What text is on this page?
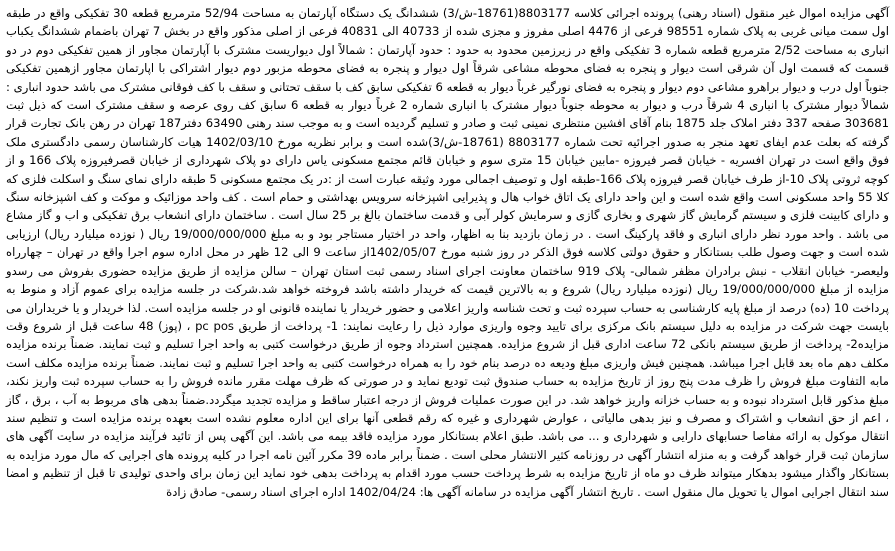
آگهی مزایده اموال غیر منقول (اسناد رهنی) پرونده اجرائی کلاسه 8803177(18761-ش/3) ششدانگ یک دستگاه آپارتمان به مساحت 52/94 مترمربع قطعه 30 تفکیکی واقع در طبقه اول سمت میانی غربی به پلاک شماره 98551 فرعی از 4476 اصلی مفروز و مجزی شده از 40733 الی 40831 فرعی از اصلی مذکور واقع در بخش 7 تهران باضمام ششدانگ یکباب انباری به مساحت 2/52 مترمربع قطعه شماره 3 تفکیکی واقع در زیرزمین محدود به حدود : حدود آپارتمان : شمالاً اول دیواریست مشترک با آپارتمان مجاور از همین تفکیکی دوم در دو قسمت که قسمت اول آن شرقی است دیوار و پنجره به فضای محوطه مشاعی شرقاً اول دیوار و پنجره به فضای محوطه مزبور دوم دیوار اشتراکی با اپارتمان مجاور ازهمین تفکیکی جنوباً اول درب و دیوار براهرو مشاعی دوم دیوار و پنجره به فضای نورگیر غرباً دیوار به قطعه 6 تفکیکی سابق کف با سقف تحتانی و سقف با کف فوقانی مشترک می باشد حدود انباری : شمالاً دیوار مشترک با انباری 4 شرقاً درب و دیوار به محوطه جنوباً دیوار مشترک با انباری شماره 2 غرباً دیوار به قطعه 6 سابق کف روی عرصه و سقف مشترک است که ذیل ثبت 303681 صفحه 337 دفتر املاک جلد 1875 بنام آقای افشین منتظری نمینی ثبت و صادر و تسلیم گردیده است و به موجب سند رهنی 63490 دفتر187 تهران در رهن بانک تجارت قرار گرفته که بعلت عدم ایفای تعهد منجر به صدور اجرائیه تحت شماره 8803177 (18761-ش/3)شده است و برابر نظریه مورخ 1402/03/10 هیات کارشناسان رسمی دادگستری ملک فوق واقع است در تهران افسریه - خیابان قصر فیروزه -مابین خیابان 15 متری سوم و خیابان قائم مجتمع مسکونی یاس دارای دو پلاک شهرداری از خیابان قصرفیروزه پلاک 166 و از کوچه ثروتی پلاک 10-از طرف خیابان قصر فیروزه پلاک 166-طبقه اول و توصیف اجمالی مورد وثیقه عبارت است از :در یک مجتمع مسکونی 5 طبقه دارای نمای سنگ و اسکلت فلزی که کلا 55 واحد مسکونی است واقع شده است و این واحد دارای یک اتاق خواب هال و پذیرایی اشپزخانه سرویس بهداشتی و حمام است . کف واحد موزائیک و موکت و کف اشپزخانه سنگ و دارای کابینت فلزی و سیستم گرمایش گاز شهری و بخاری گازی و سرمایش کولر آبی و قدمت ساختمان بالغ بر 25 سال است . ساختمان دارای انشعاب برق تفکیکی و اب و گاز مشاع می باشد . واحد مورد نظر دارای انباری و فاقد پارکینگ است . در زمان بازدید بنا به اظهار، واحد در اختیار مستاجر بود و به مبلغ 19/000/000/000 ریال ( نوزده میلیارد ریال) ارزیابی شده است و جهت وصول طلب بستانکار و حقوق دولتی کلاسه فوق الذکر در روز شنبه مورخ 1402/05/07از ساعت 9 الی 12 ظهر در محل اداره سوم اجرا واقع در تهران – چهارراه ولیعصر- خیابان انقلاب - نبش برادران مظفر شمالی- پلاک 919 ساختمان معاونت اجرای اسناد رسمی ثبت استان تهران – سالن مزایده از طریق مزایده حضوری بفروش می رسدو مزایده از مبلغ 19/000/000/000 ریال (نوزده میلیارد ریال) شروع و به بالاترین قیمت که خریدار داشته باشد فروخته خواهد شد.شرکت در جلسه مزایده برای عموم آزاد و منوط به پرداخت 10 (ده) درصد از مبلغ پایه کارشناسی به حساب سپرده ثبت و تحت شناسه واریز اعلامی و حضور خریدار یا نماینده قانونی او در جلسه مزایده است. لذا خریدار و یا خریداران می بایست جهت شرکت در مزایده به دلیل سیستم بانک مرکزی برای تایید وجوه واریزی موارد ذیل را رعایت نمایند: 1- پرداخت از طریق pc pos ، (پوز) 48 ساعت قبل از شروع وقت مزایده2- پرداخت از طریق سیستم بانکی 72 ساعت اداری قبل از شروع مزایده. همچنین استرداد وجوه از طریق درخواست کتبی به واحد اجرا تسلیم و ثبت نمایند. ضمناً برنده مزایده مکلف دهم ماه بعد قابل اجرا میباشد. همچنین فیش واریزی مبلغ ودیعه ده درصد بنام خود را به همراه درخواست کتبی به واحد اجرا تسلیم و ثبت نمایند. ضمناً برنده مزایده مکلف است مابه التفاوت مبلغ فروش را ظرف مدت پنج روز از تاریخ مزایده به حساب صندوق ثبت تودیع نماید و در صورتی که ظرف مهلت مقرر مانده فروش را به حساب سپرده ثبت واریز نکند، مبلغ مذکور قابل استرداد نبوده و به حساب خزانه واریز خواهد شد. در این صورت عملیات فروش از درجه اعتبار ساقط و مزایده تجدید میگردد.ضمناً بدهی های مربوط به آب ، برق ، گاز ، اعم از حق انشعاب و اشتراک و مصرف و نیز بدهی مالیاتی ، عوارض شهرداری و غیره که رقم قطعی آنها برای این اداره معلوم نشده است بعهده برنده مزایده است و تنظیم سند انتقال موکول به ارائه مفاصا حسابهای دارایی و شهرداری و ... می باشد. طبق اعلام بستانکار مورد مزایده فاقد بیمه می باشد. این آگهی پس از تائید فرآیند مزایده در سایت آگهی های سازمان ثبت قرار خواهد گرفت و به منزله انتشار آگهی در روزنامه کثیر الانتشار محلی است . ضمناً برابر ماده 39 مکرر آئین نامه اجرا در کلیه پرونده های اجرایی که مال مورد مزایده به بستانکار واگذار میشود بدهکار میتواند ظرف دو ماه از تاریخ مزایده به شرط پرداخت حسب مورد اقدام به پرداخت بدهی خود نماید این زمان برای واحدی تولیدی تا قبل از تنظیم و امضا سند انتقال اجرایی اموال یا تحویل مال منقول است . تاریخ انتشار آگهی مزایده در سامانه آگهی ها: 1402/04/24 اداره اجرای اسناد رسمی- صادق زادة
